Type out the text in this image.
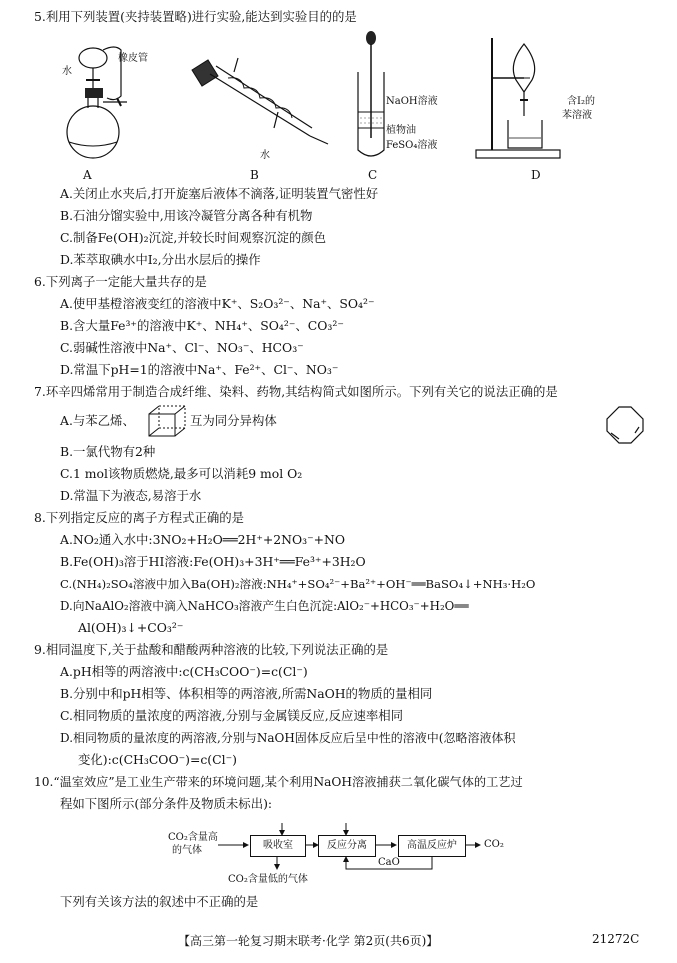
5.利用下列装置(夹持装置略)进行实验,能达到实验目的的是
水
橡皮管
A
水
B
NaOH溶液
植物油
FeSO₄溶液
C
含I₂的
苯溶液
D
A.关闭止水夹后,打开旋塞后液体不滴落,证明装置气密性好
B.石油分馏实验中,用该冷凝管分离各种有机物
C.制备Fe(OH)₂沉淀,并较长时间观察沉淀的颜色
D.苯萃取碘水中I₂,分出水层后的操作
6.下列离子一定能大量共存的是
A.使甲基橙溶液变红的溶液中K⁺、S₂O₃²⁻、Na⁺、SO₄²⁻
B.含大量Fe³⁺的溶液中K⁺、NH₄⁺、SO₄²⁻、CO₃²⁻
C.弱碱性溶液中Na⁺、Cl⁻、NO₃⁻、HCO₃⁻
D.常温下pH=1的溶液中Na⁺、Fe²⁺、Cl⁻、NO₃⁻
7.环辛四烯常用于制造合成纤维、染料、药物,其结构简式如图所示。下列有关它的说法正确的是
A.与苯乙烯、	互为同分异构体
B.一氯代物有2种
C.1 mol该物质燃烧,最多可以消耗9 mol O₂
D.常温下为液态,易溶于水
8.下列指定反应的离子方程式正确的是
A.NO₂通入水中:3NO₂+H₂O══2H⁺+2NO₃⁻+NO
B.Fe(OH)₃溶于HI溶液:Fe(OH)₃+3H⁺══Fe³⁺+3H₂O
C.(NH₄)₂SO₄溶液中加入Ba(OH)₂溶液:NH₄⁺+SO₄²⁻+Ba²⁺+OH⁻══BaSO₄↓+NH₃·H₂O
D.向NaAlO₂溶液中滴入NaHCO₃溶液产生白色沉淀:AlO₂⁻+HCO₃⁻+H₂O══
Al(OH)₃↓+CO₃²⁻
9.相同温度下,关于盐酸和醋酸两种溶液的比较,下列说法正确的是
A.pH相等的两溶液中:c(CH₃COO⁻)=c(Cl⁻)
B.分别中和pH相等、体积相等的两溶液,所需NaOH的物质的量相同
C.相同物质的量浓度的两溶液,分别与金属镁反应,反应速率相同
D.相同物质的量浓度的两溶液,分别与NaOH固体反应后呈中性的溶液中(忽略溶液体积
变化):c(CH₃COO⁻)=c(Cl⁻)
10.“温室效应”是工业生产带来的环境问题,某个利用NaOH溶液捕获二氧化碳气体的工艺过
程如下图所示(部分条件及物质未标出):
CO₂含量高
的气体	吸收室	反应分离	高温反应炉	CO₂
CaO
CO₂含量低的气体
下列有关该方法的叙述中不正确的是
【高三第一轮复习期末联考·化学 第2页(共6页)】	21272C
